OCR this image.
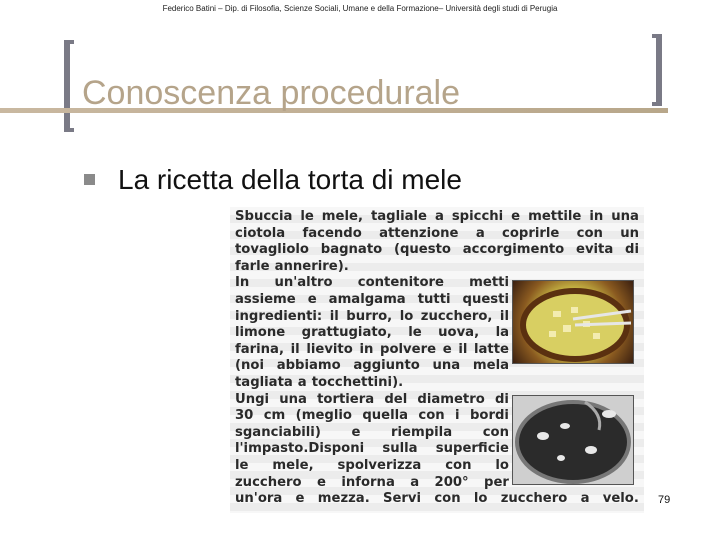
Federico Batini – Dip. di Filosofia, Scienze Sociali, Umane e della Formazione– Università degli studi di Perugia
Conoscenza procedurale
La ricetta della torta di mele
Sbuccia le mele, tagliale a spicchi e mettile in una
ciotola facendo attenzione a coprirle con un
tovagliolo bagnato (questo accorgimento evita di
farle annerire).
In un'altro contenitore metti
assieme e amalgama tutti questi
ingredienti: il burro, lo zucchero, il
limone grattugiato, le uova, la
farina, il lievito in polvere e il latte
(noi abbiamo aggiunto una mela
tagliata a tocchettini).
Ungi una tortiera del diametro di
30 cm (meglio quella con i bordi
sganciabili) e riempila con
l'impasto.Disponi sulla superficie
le mele, spolverizza con lo
zucchero e inforna a 200° per
un'ora e mezza. Servi con lo zucchero a velo. 79
